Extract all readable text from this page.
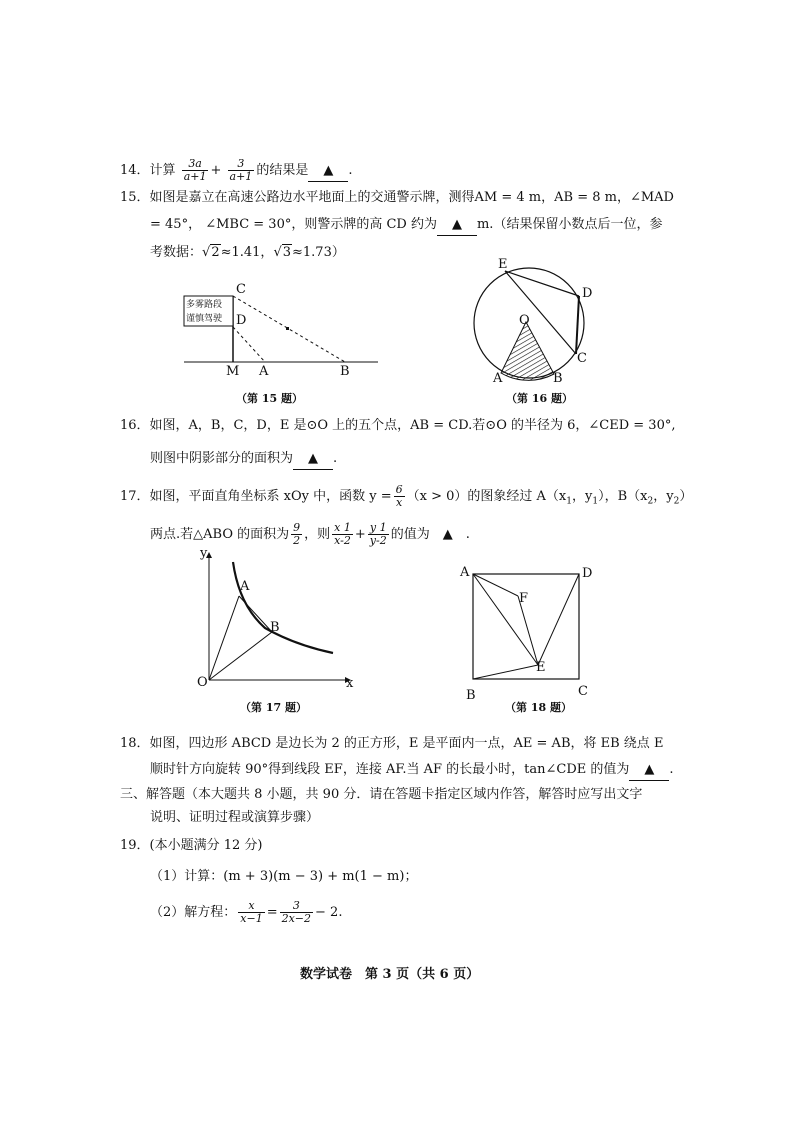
14．计算 $\frac{3a}{a+1} + \frac{3}{a+1}$ 的结果是 ▲ .
15．如图是嘉立在高速公路边水平地面上的交通警示牌，测得AM = 4 m，AB = 8 m，∠MAD
= 45°， ∠MBC = 30°，则警示牌的高 CD 约为 ▲ m.（结果保留小数点后一位，参
考数据：√2≈1.41，√3≈1.73）
多雾路段
谨慎驾驶
C
D
M A	B
（第 15 题）
E
D
O
C
A	B
（第 16 题）
16．如图，A，B，C，D，E 是⊙O 上的五个点，AB = CD.若⊙O 的半径为 6，∠CED = 30°,
则图中阴影部分的面积为 ▲ .
17．如图，平面直角坐标系 xOy 中，函数 $y = \frac{6}{x} (x > 0)$的图象经过 $A(x_1$，$y_1$），$B(x_2$，$y_2$）
两点.若△ABO 的面积为 $\frac{9}{2}$ ，则 $\frac{x 1}{x-2} + \frac{y 1}{y-2}$ 的值为　 ▲　 .
y
A
B
O	x
（第 17 题）
A	D
F
E
B	C
（第 18 题）
18．如图，四边形 ABCD 是边长为 2 的正方形，E 是平面内一点，AE = AB，将 EB 绕点 E
顺时针方向旋转 90°得到线段 EF，连接 AF.当 AF 的长最小时，tan∠CDE 的值为 ▲ .
三、解答题（本大题共 8 小题，共 90 分．请在答题卡指定区域内作答，解答时应写出文字
说明、证明过程或演算步骤）
19．(本小题满分 12 分)
（1）计算：(m + 3)(m − 3) + m(1 − m)；
（2）解方程： $\frac{x}{x-1} = \frac{3}{2x-2} - 2$.
数学试卷　第 3 页（共 6 页）
